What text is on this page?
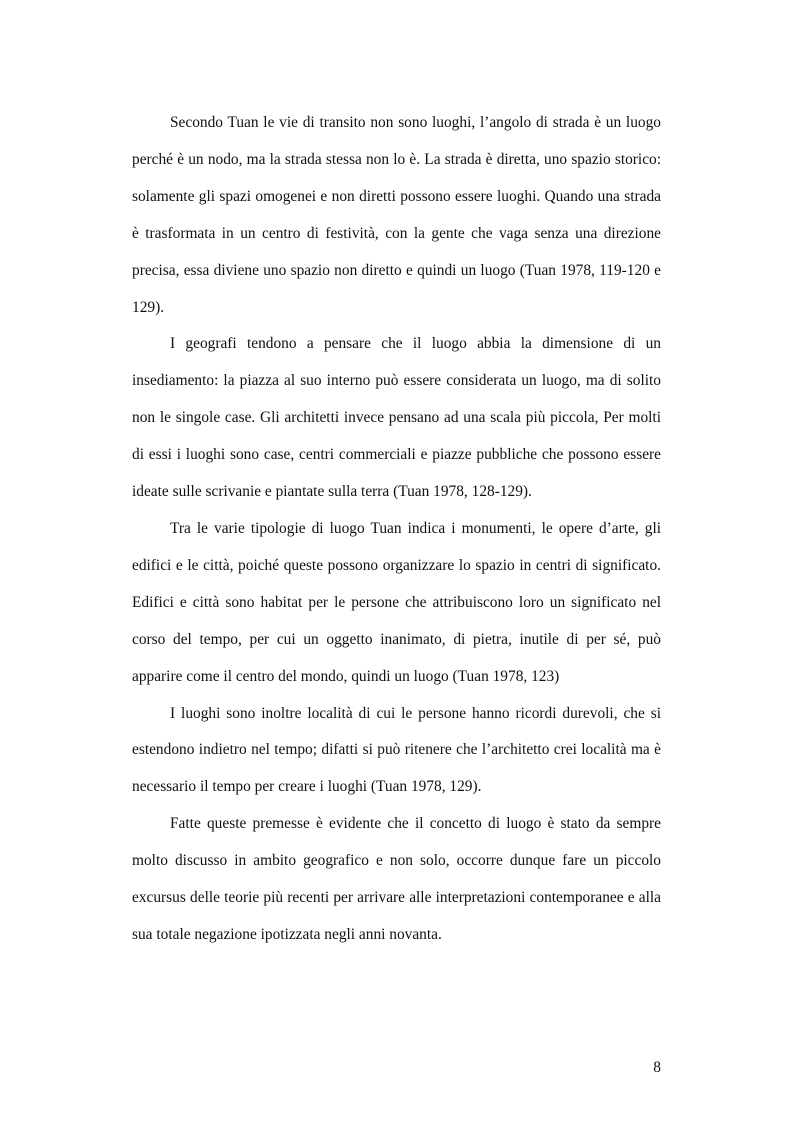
Secondo Tuan le vie di transito non sono luoghi, l’angolo di strada è un luogo perché è un nodo, ma la strada stessa non lo è. La strada è diretta, uno spazio storico: solamente gli spazi omogenei e non diretti possono essere luoghi. Quando una strada è trasformata in un centro di festività, con la gente che vaga senza una direzione precisa, essa diviene uno spazio non diretto e quindi un luogo (Tuan 1978, 119-120 e 129).

I geografi tendono a pensare che il luogo abbia la dimensione di un insediamento: la piazza al suo interno può essere considerata un luogo, ma di solito non le singole case. Gli architetti invece pensano ad una scala più piccola, Per molti di essi i luoghi sono case, centri commerciali e piazze pubbliche che possono essere ideate sulle scrivanie e piantate sulla terra (Tuan 1978, 128-129).

Tra le varie tipologie di luogo Tuan indica i monumenti, le opere d’arte, gli edifici e le città, poiché queste possono organizzare lo spazio in centri di significato. Edifici e città sono habitat per le persone che attribuiscono loro un significato nel corso del tempo, per cui un oggetto inanimato, di pietra, inutile di per sé, può apparire come il centro del mondo, quindi un luogo (Tuan 1978, 123)

I luoghi sono inoltre località di cui le persone hanno ricordi durevoli, che si estendono indietro nel tempo; difatti si può ritenere che l’architetto crei località ma è necessario il tempo per creare i luoghi (Tuan 1978, 129).

Fatte queste premesse è evidente che il concetto di luogo è stato da sempre molto discusso in ambito geografico e non solo, occorre dunque fare un piccolo excursus delle teorie più recenti per arrivare alle interpretazioni contemporanee e alla sua totale negazione ipotizzata negli anni novanta.

8
